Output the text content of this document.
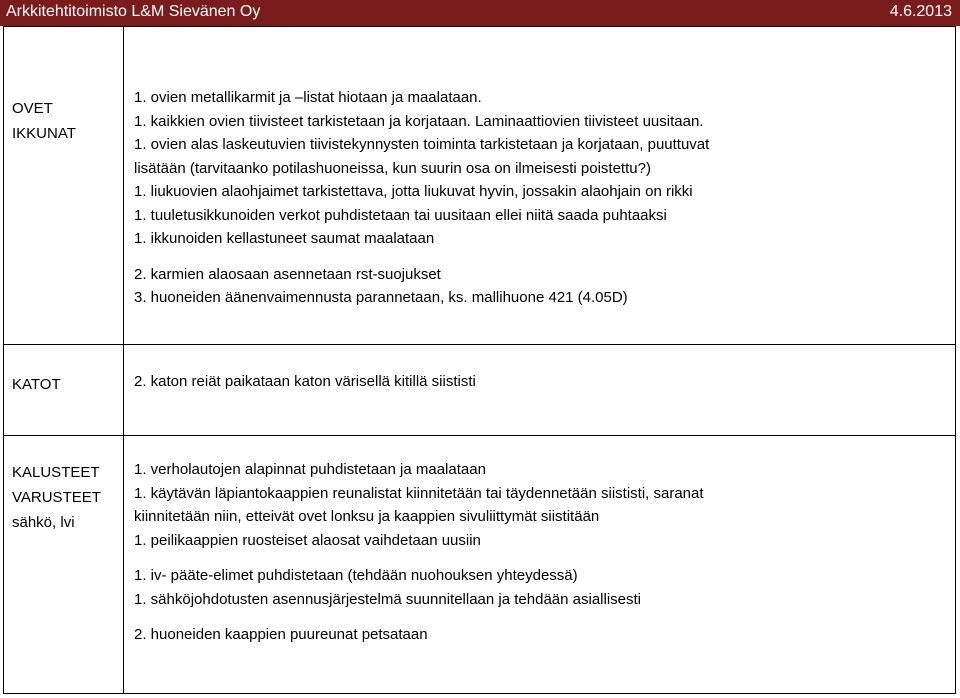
Arkkitehtitoimisto L&M Sievänen Oy	4.6.2013
OVET
IKKUNAT
1. ovien metallikarmit ja –listat hiotaan ja maalataan.
1. kaikkien ovien tiivisteet tarkistetaan ja korjataan. Laminaattiovien tiivisteet uusitaan.
1. ovien alas laskeutuvien tiivistekynnysten toiminta tarkistetaan ja korjataan, puuttuvat
lisätään (tarvitaanko potilashuoneissa, kun suurin osa on ilmeisesti poistettu?)
1. liukuovien alaohjaimet tarkistettava, jotta liukuvat hyvin, jossakin alaohjain on rikki
1. tuuletusikkunoiden verkot puhdistetaan tai uusitaan ellei niitä saada puhtaaksi
1. ikkunoiden kellastuneet saumat maalataan
2. karmien alaosaan asennetaan rst-suojukset
3. huoneiden äänenvaimennusta parannetaan, ks. mallihuone 421 (4.05D)
KATOT	2. katon reiät paikataan katon värisellä kitillä siististi
KALUSTEET
VARUSTEET
sähkö, lvi
1. verholautojen alapinnat puhdistetaan ja maalataan
1. käytävän läpiantokaappien reunalistat kiinnitetään tai täydennetään siististi, saranat
kiinnitetään niin, etteivät ovet lonksu ja kaappien sivuliittymät siistitään
1. peilikaappien ruosteiset alaosat vaihdetaan uusiin
1. iv- pääte-elimet puhdistetaan (tehdään nuohouksen yhteydessä)
1. sähköjohdotusten asennusjärjestelmä suunnitellaan ja tehdään asiallisesti
2. huoneiden kaappien puureunat petsataan
